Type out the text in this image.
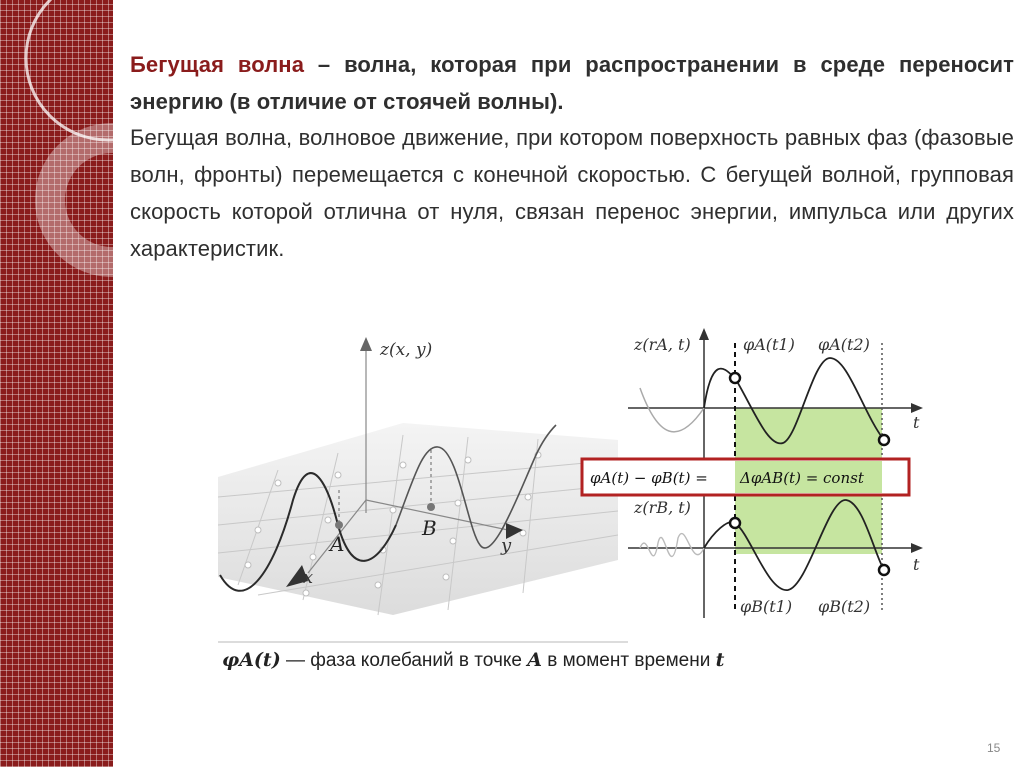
Бегущая волна – волна, которая при распространении в среде переносит энергию (в отличие от стоячей волны).

Бегущая волна, волновое движение, при котором поверхность равных фаз (фазовые волн, фронты) перемещается с конечной скоростью. С бегущей волной, групповая скорость которой отлична от нуля, связан перенос энергии, импульса или других характеристик.

z(x, y)
x
y
A
B
φA(t) − φB(t) = ΔφAB(t) = const
z(rA, t)
z(rB, t)
t
t
φA(t1) φA(t2)
φB(t1) φB(t2)
φA(t) — фаза колебаний в точке A в момент времени t
15
